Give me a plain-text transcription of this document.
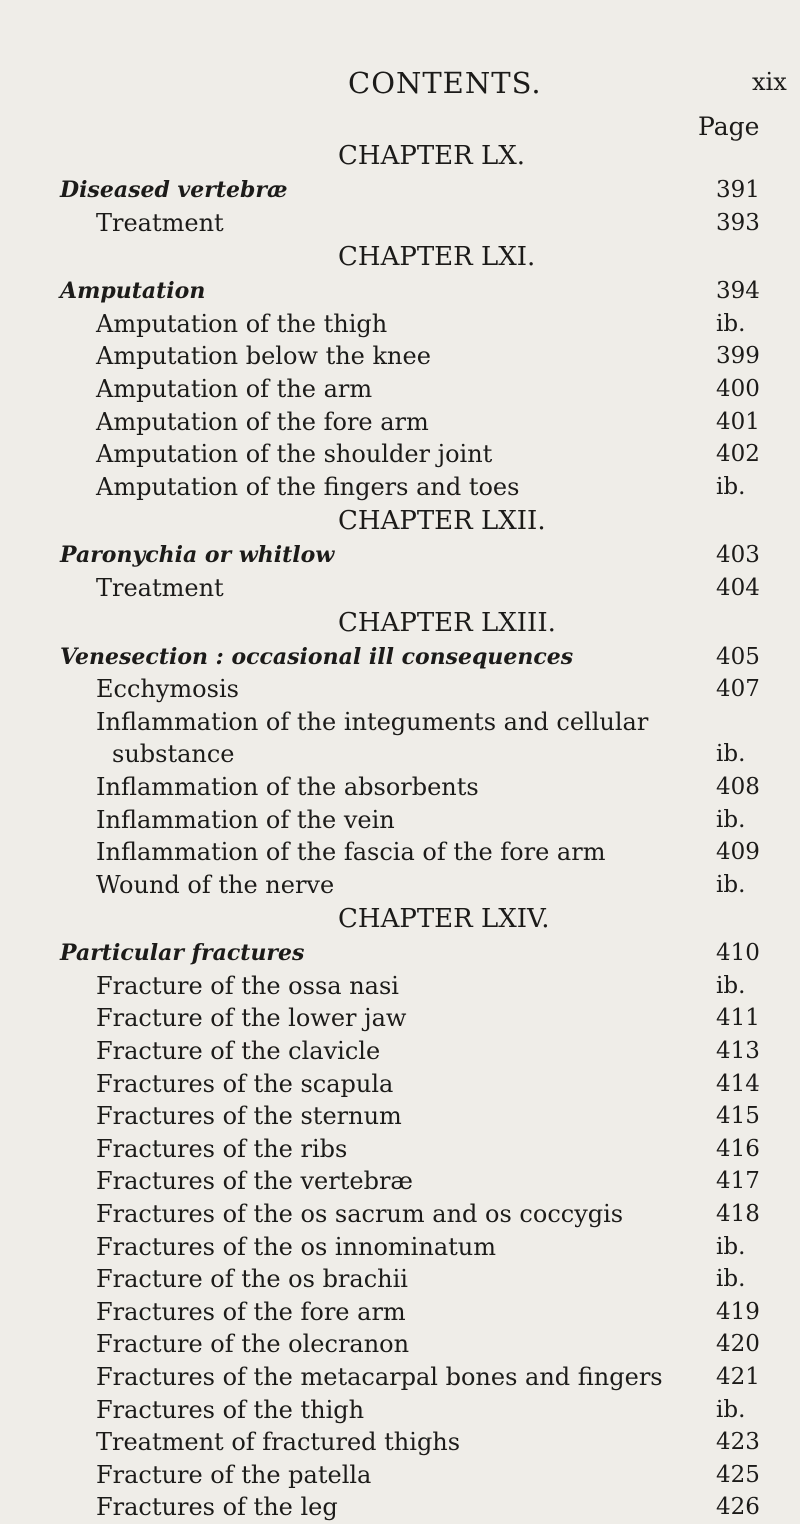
CONTENTS.	xix
Page
CHAPTER LX.
Diseased vertebræ	391
Treatment	393
CHAPTER LXI.
Amputation	394
Amputation of the thigh	ib.
Amputation below the knee	399
Amputation of the arm	400
Amputation of the fore arm	401
Amputation of the shoulder joint	402
Amputation of the fingers and toes	ib.
CHAPTER LXII.
Paronychia or whitlow	403
Treatment	404
CHAPTER LXIII.
Venesection : occasional ill consequences	405
Ecchymosis	407
Inflammation of the integuments and cellular
substance	ib.
Inflammation of the absorbents	408
Inflammation of the vein	ib.
Inflammation of the fascia of the fore arm	409
Wound of the nerve	ib.
CHAPTER LXIV.
Particular fractures	410
Fracture of the ossa nasi	ib.
Fracture of the lower jaw	411
Fracture of the clavicle	413
Fractures of the scapula	414
Fractures of the sternum	415
Fractures of the ribs	416
Fractures of the vertebræ	417
Fractures of the os sacrum and os coccygis	418
Fractures of the os innominatum	ib.
Fracture of the os brachii	ib.
Fractures of the fore arm	419
Fracture of the olecranon	420
Fractures of the metacarpal bones and fingers 421
Fractures of the thigh	ib.
Treatment of fractured thighs	423
Fracture of the patella	425
Fractures of the leg	426
